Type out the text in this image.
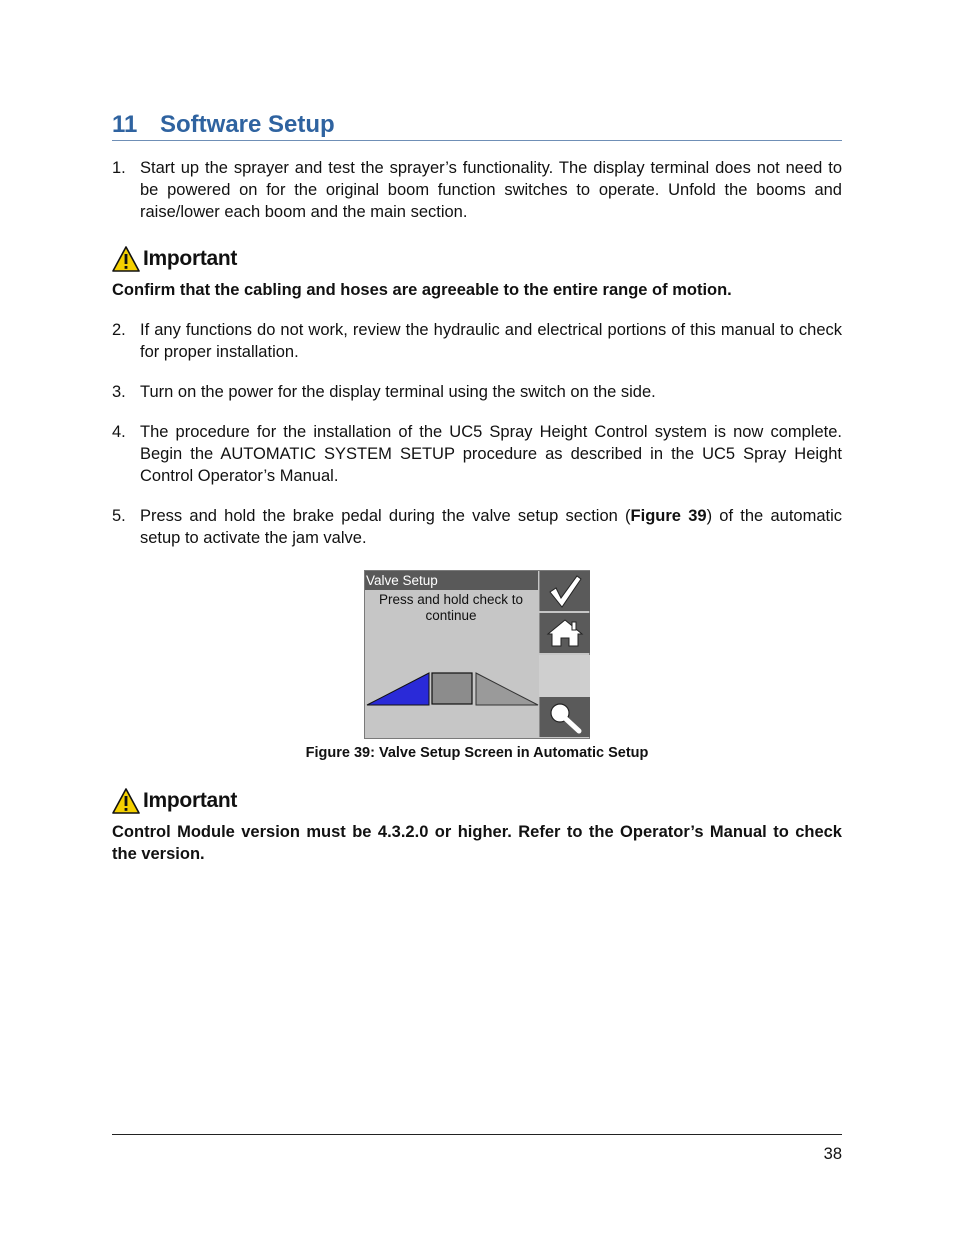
11 Software Setup
1. Start up the sprayer and test the sprayer’s functionality. The display terminal does not need to be powered on for the original boom function switches to operate. Unfold the booms and raise/lower each boom and the main section.
Important
Confirm that the cabling and hoses are agreeable to the entire range of motion.
2. If any functions do not work, review the hydraulic and electrical portions of this manual to check for proper installation.
3. Turn on the power for the display terminal using the switch on the side.
4. The procedure for the installation of the UC5 Spray Height Control system is now complete. Begin the AUTOMATIC SYSTEM SETUP procedure as described in the UC5 Spray Height Control Operator’s Manual.
5. Press and hold the brake pedal during the valve setup section (Figure 39) of the automatic setup to activate the jam valve.
Valve Setup
Press and hold check to
continue
Figure 39: Valve Setup Screen in Automatic Setup
Important
Control Module version must be 4.3.2.0 or higher. Refer to the Operator’s Manual to check the version.
38
